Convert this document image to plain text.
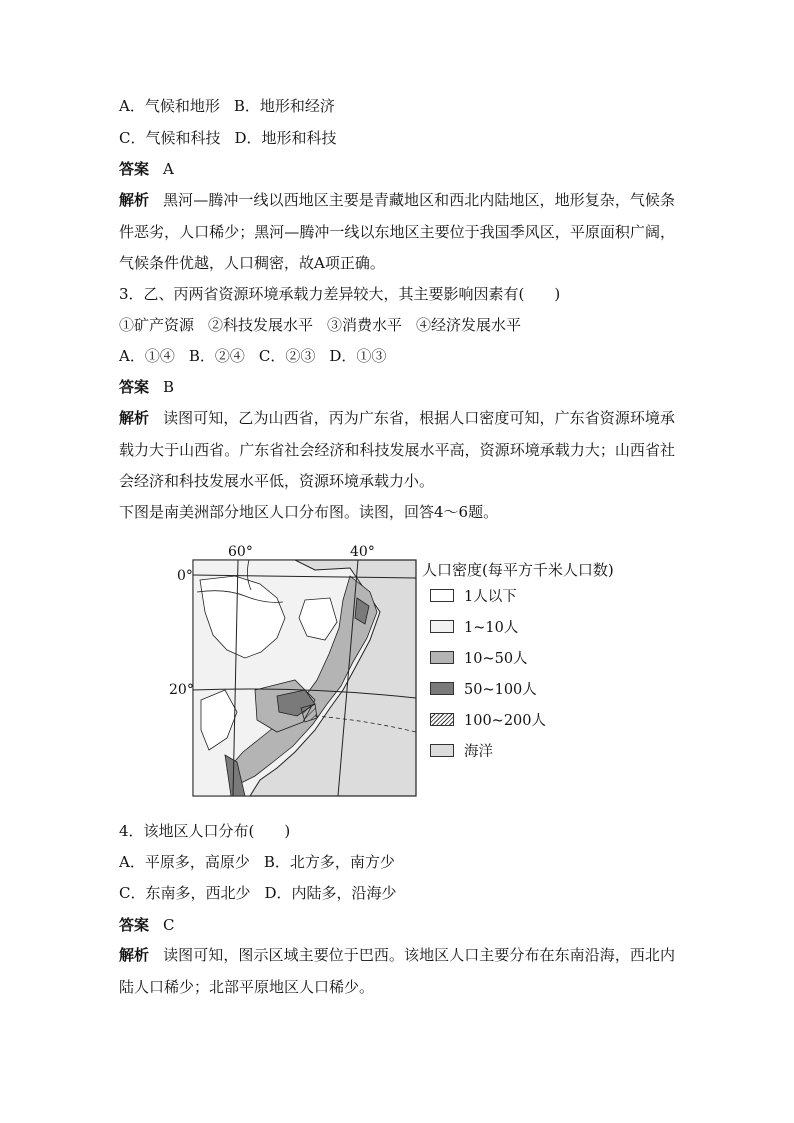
A．气候和地形 B．地形和经济
C．气候和科技 D．地形和科技
答案 A
解析 黑河—腾冲一线以西地区主要是青藏地区和西北内陆地区，地形复杂，气候条件恶劣，人口稀少；黑河—腾冲一线以东地区主要位于我国季风区，平原面积广阔，气候条件优越，人口稠密，故A项正确。
3．乙、丙两省资源环境承载力差异较大，其主要影响因素有(　　)
①矿产资源 ②科技发展水平 ③消费水平 ④经济发展水平
A．①④ B．②④ C．②③ D．①③
答案 B
解析 读图可知，乙为山西省，丙为广东省，根据人口密度可知，广东省资源环境承载力大于山西省。广东省社会经济和科技发展水平高，资源环境承载力大；山西省社会经济和科技发展水平低，资源环境承载力小。
下图是南美洲部分地区人口分布图。读图，回答4～6题。
60°	40°
0°
20°
人口密度(每平方千米人口数)
1人以下
1~10人
10~50人
50~100人
100~200人
海洋
4．该地区人口分布(　　)
A．平原多，高原少 B．北方多，南方少
C．东南多，西北少 D．内陆多，沿海少
答案 C
解析 读图可知，图示区域主要位于巴西。该地区人口主要分布在东南沿海，西北内陆人口稀少；北部平原地区人口稀少。
